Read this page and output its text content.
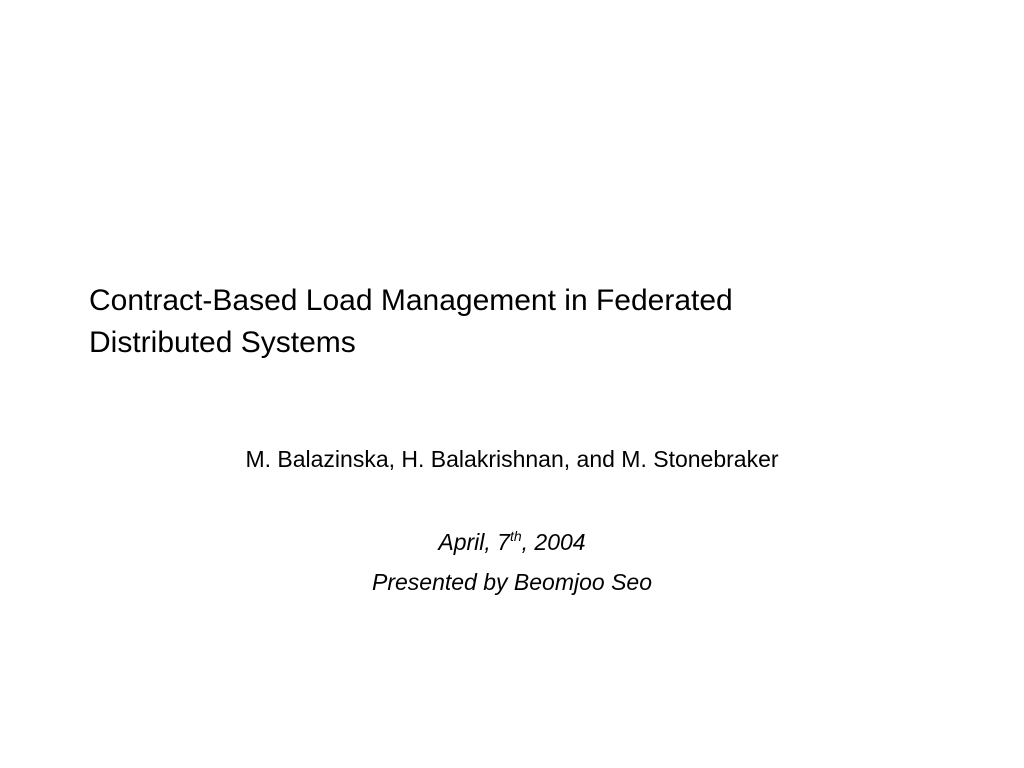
Contract-Based Load Management in Federated
Distributed Systems
M. Balazinska, H. Balakrishnan, and M. Stonebraker
April, 7th, 2004
Presented by Beomjoo Seo
